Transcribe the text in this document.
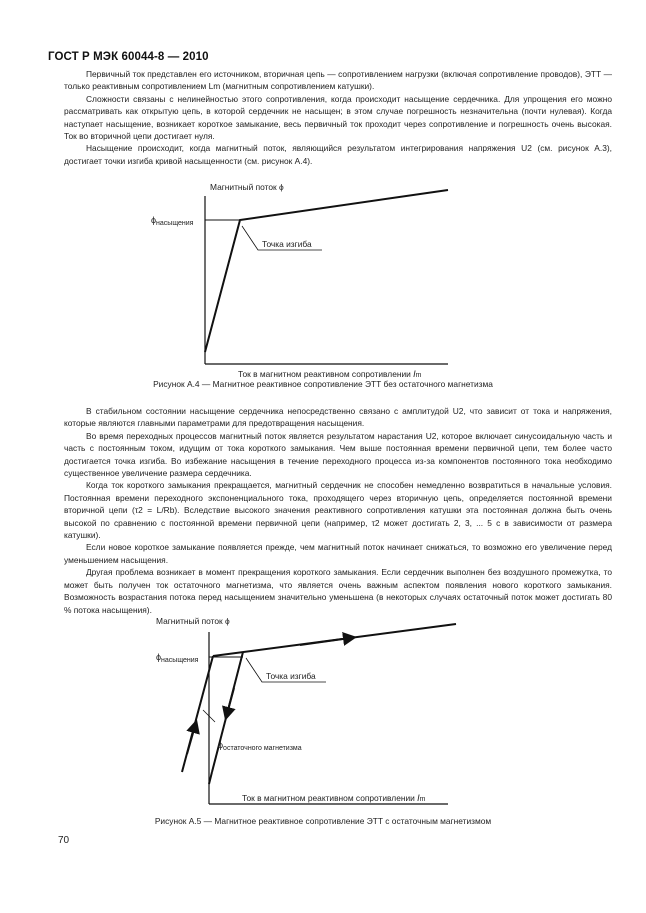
ГОСТ Р МЭК 60044-8 — 2010

Первичный ток представлен его источником, вторичная цепь — сопротивлением нагрузки (включая сопротивление проводов), ЭТТ — только реактивным сопротивлением Lm (магнитным сопротивлением катушки).

Сложности связаны с нелинейностью этого сопротивления, когда происходит насыщение сердечника. Для упрощения его можно рассматривать как открытую цепь, в которой сердечник не насыщен; в этом случае погрешность незначительна (почти нулевая). Когда наступает насыщение, возникает короткое замыкание, весь первичный ток проходит через сопротивление и погрешность очень высокая. Ток во вторичной цепи достигает нуля.

Насыщение происходит, когда магнитный поток, являющийся результатом интегрирования напряжения U2 (см. рисунок А.3), достигает точки изгиба кривой насыщенности (см. рисунок А.4).

Магнитный поток ϕ
$\phi_{насыщения}$
Точка изгиба
Ток в магнитном реактивном сопротивлении Im
Рисунок А.4 — Магнитное реактивное сопротивление ЭТТ без остаточного магнетизма

В стабильном состоянии насыщение сердечника непосредственно связано с амплитудой U2, что зависит от тока и напряжения, которые являются главными параметрами для предотвращения насыщения.

Во время переходных процессов магнитный поток является результатом нарастания U2, которое включает синусоидальную часть и часть с постоянным током, идущим от тока короткого замыкания. Чем выше постоянная времени первичной цепи, тем более часто достигается точка изгиба. Во избежание насыщения в течение переходного процесса из-за компонентов постоянного тока необходимо существенное увеличение размера сердечника.

Когда ток короткого замыкания прекращается, магнитный сердечник не способен немедленно возвратиться в начальные условия. Постоянная времени переходного экспоненциального тока, проходящего через вторичную цепь, определяется постоянной времени вторичной цепи (τ2 = L/Rb). Вследствие высокого значения реактивного сопротивления катушки эта постоянная должна быть очень высокой по сравнению с постоянной времени первичной цепи (например, τ2 может достигать 2, 3, ... 5 с в зависимости от размера катушки).

Если новое короткое замыкание появляется прежде, чем магнитный поток начинает снижаться, то возможно его увеличение перед уменьшением насыщения.

Другая проблема возникает в момент прекращения короткого замыкания. Если сердечник выполнен без воздушного промежутка, то может быть получен ток остаточного магнетизма, что является очень важным аспектом появления нового короткого замыкания. Возможность возрастания потока перед насыщением значительно уменьшена (в некоторых случаях остаточный поток может достигать 80 % потока насыщения).

Магнитный поток ϕ
$\phi_{насыщения}$
Точка изгиба
$\phi_{остаточного магнетизма}$
Ток в магнитном реактивном сопротивлении Im
Рисунок А.5 — Магнитное реактивное сопротивление ЭТТ с остаточным магнетизмом
70
